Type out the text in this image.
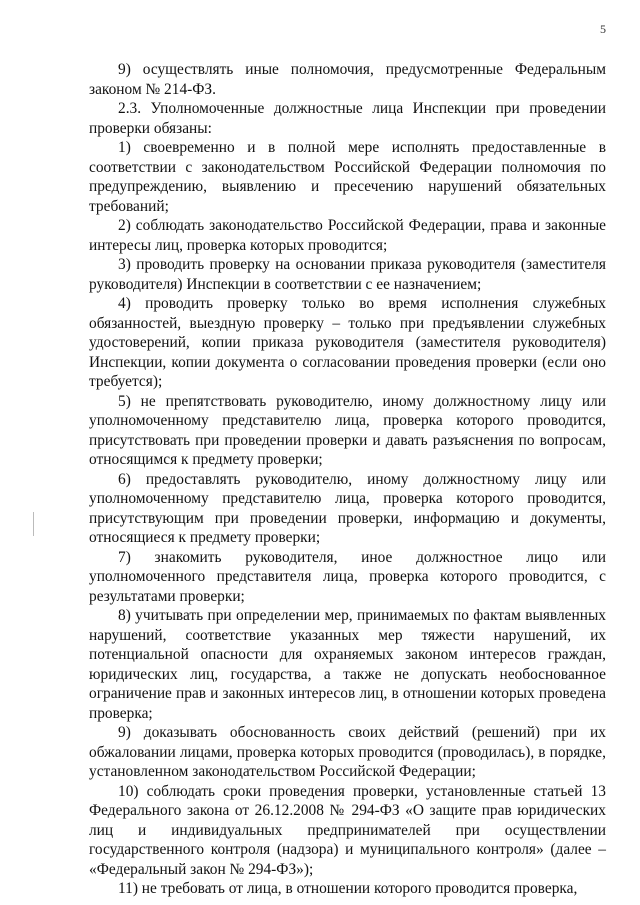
5

9) осуществлять иные полномочия, предусмотренные Федеральным законом № 214-ФЗ.

2.3. Уполномоченные должностные лица Инспекции при проведении проверки обязаны:

1) своевременно и в полной мере исполнять предоставленные в соответствии с законодательством Российской Федерации полномочия по предупреждению, выявлению и пресечению нарушений обязательных требований;

2) соблюдать законодательство Российской Федерации, права и законные интересы лиц, проверка которых проводится;

3) проводить проверку на основании приказа руководителя (заместителя руководителя) Инспекции в соответствии с ее назначением;

4) проводить проверку только во время исполнения служебных обязанностей, выездную проверку – только при предъявлении служебных удостоверений, копии приказа руководителя (заместителя руководителя) Инспекции, копии документа о согласовании проведения проверки (если оно требуется);

5) не препятствовать руководителю, иному должностному лицу или уполномоченному представителю лица, проверка которого проводится, присутствовать при проведении проверки и давать разъяснения по вопросам, относящимся к предмету проверки;

6) предоставлять руководителю, иному должностному лицу или уполномоченному представителю лица, проверка которого проводится, присутствующим при проведении проверки, информацию и документы, относящиеся к предмету проверки;

7) знакомить руководителя, иное должностное лицо или уполномоченного представителя лица, проверка которого проводится, с результатами проверки;

8) учитывать при определении мер, принимаемых по фактам выявленных нарушений, соответствие указанных мер тяжести нарушений, их потенциальной опасности для охраняемых законом интересов граждан, юридических лиц, государства, а также не допускать необоснованное ограничение прав и законных интересов лиц, в отношении которых проведена проверка;

9) доказывать обоснованность своих действий (решений) при их обжаловании лицами, проверка которых проводится (проводилась), в порядке, установленном законодательством Российской Федерации;

10) соблюдать сроки проведения проверки, установленные статьей 13 Федерального закона от 26.12.2008 № 294-ФЗ «О защите прав юридических лиц и индивидуальных предпринимателей при осуществлении государственного контроля (надзора) и муниципального контроля» (далее – «Федеральный закон № 294-ФЗ»);

11) не требовать от лица, в отношении которого проводится проверка,
